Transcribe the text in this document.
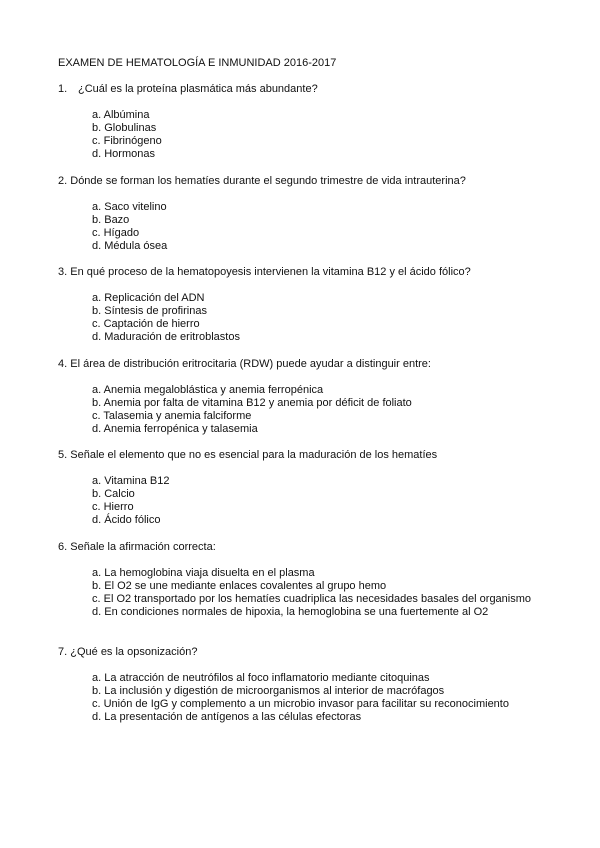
EXAMEN DE HEMATOLOGÍA E INMUNIDAD 2016-2017
1. ¿Cuál es la proteína plasmática más abundante?
a. Albúmina
b. Globulinas
c. Fibrinógeno
d. Hormonas
2. Dónde se forman los hematíes durante el segundo trimestre de vida intrauterina?
a. Saco vitelino
b. Bazo
c. Hígado
d. Médula ósea
3. En qué proceso de la hematopoyesis intervienen la vitamina B12 y el ácido fólico?
a. Replicación del ADN
b. Síntesis de profirinas
c. Captación de hierro
d. Maduración de eritroblastos
4. El área de distribución eritrocitaria (RDW) puede ayudar a distinguir entre:
a. Anemia megaloblástica y anemia ferropénica
b. Anemia por falta de vitamina B12 y anemia por déficit de foliato
c. Talasemia y anemia falciforme
d. Anemia ferropénica y talasemia
5. Señale el elemento que no es esencial para la maduración de los hematíes
a. Vitamina B12
b. Calcio
c. Hierro
d. Ácido fólico
6. Señale la afirmación correcta:
a. La hemoglobina viaja disuelta en el plasma
b. El O2 se une mediante enlaces covalentes al grupo hemo
c. El O2 transportado por los hematíes cuadriplica las necesidades basales del organismo
d. En condiciones normales de hipoxia, la hemoglobina se una fuertemente al O2
7. ¿Qué es la opsonización?
a. La atracción de neutrófilos al foco inflamatorio mediante citoquinas
b. La inclusión y digestión de microorganismos al interior de macrófagos
c. Unión de IgG y complemento a un microbio invasor para facilitar su reconocimiento
d. La presentación de antígenos a las células efectoras
